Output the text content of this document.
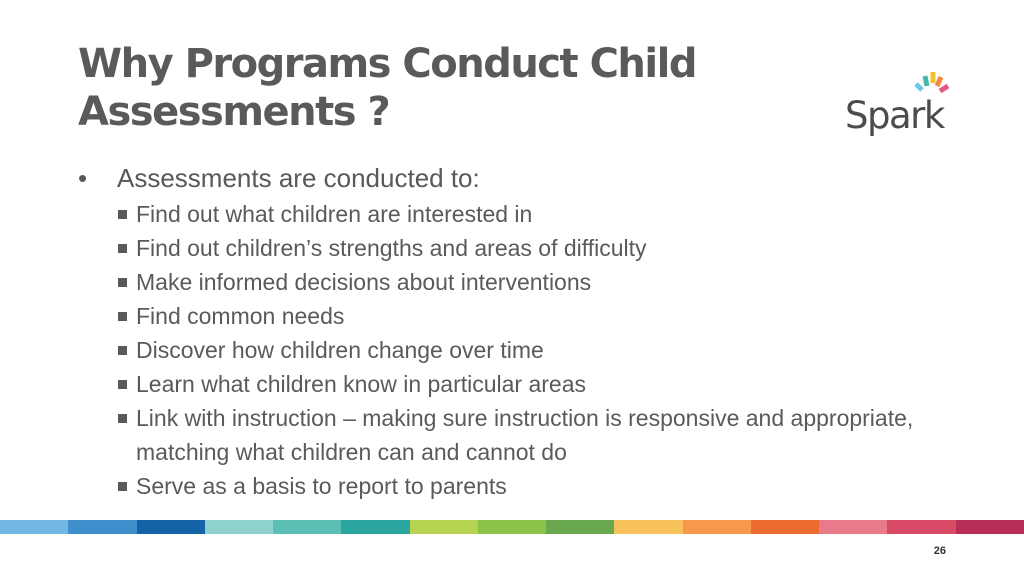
Why Programs Conduct Child
Assessments ?	Spark
• Assessments are conducted to:
Find out what children are interested in
Find out children’s strengths and areas of difficulty
Make informed decisions about interventions
Find common needs
Discover how children change over time
Learn what children know in particular areas
Link with instruction – making sure instruction is responsive and appropriate, matching what children can and cannot do
Serve as a basis to report to parents
26
